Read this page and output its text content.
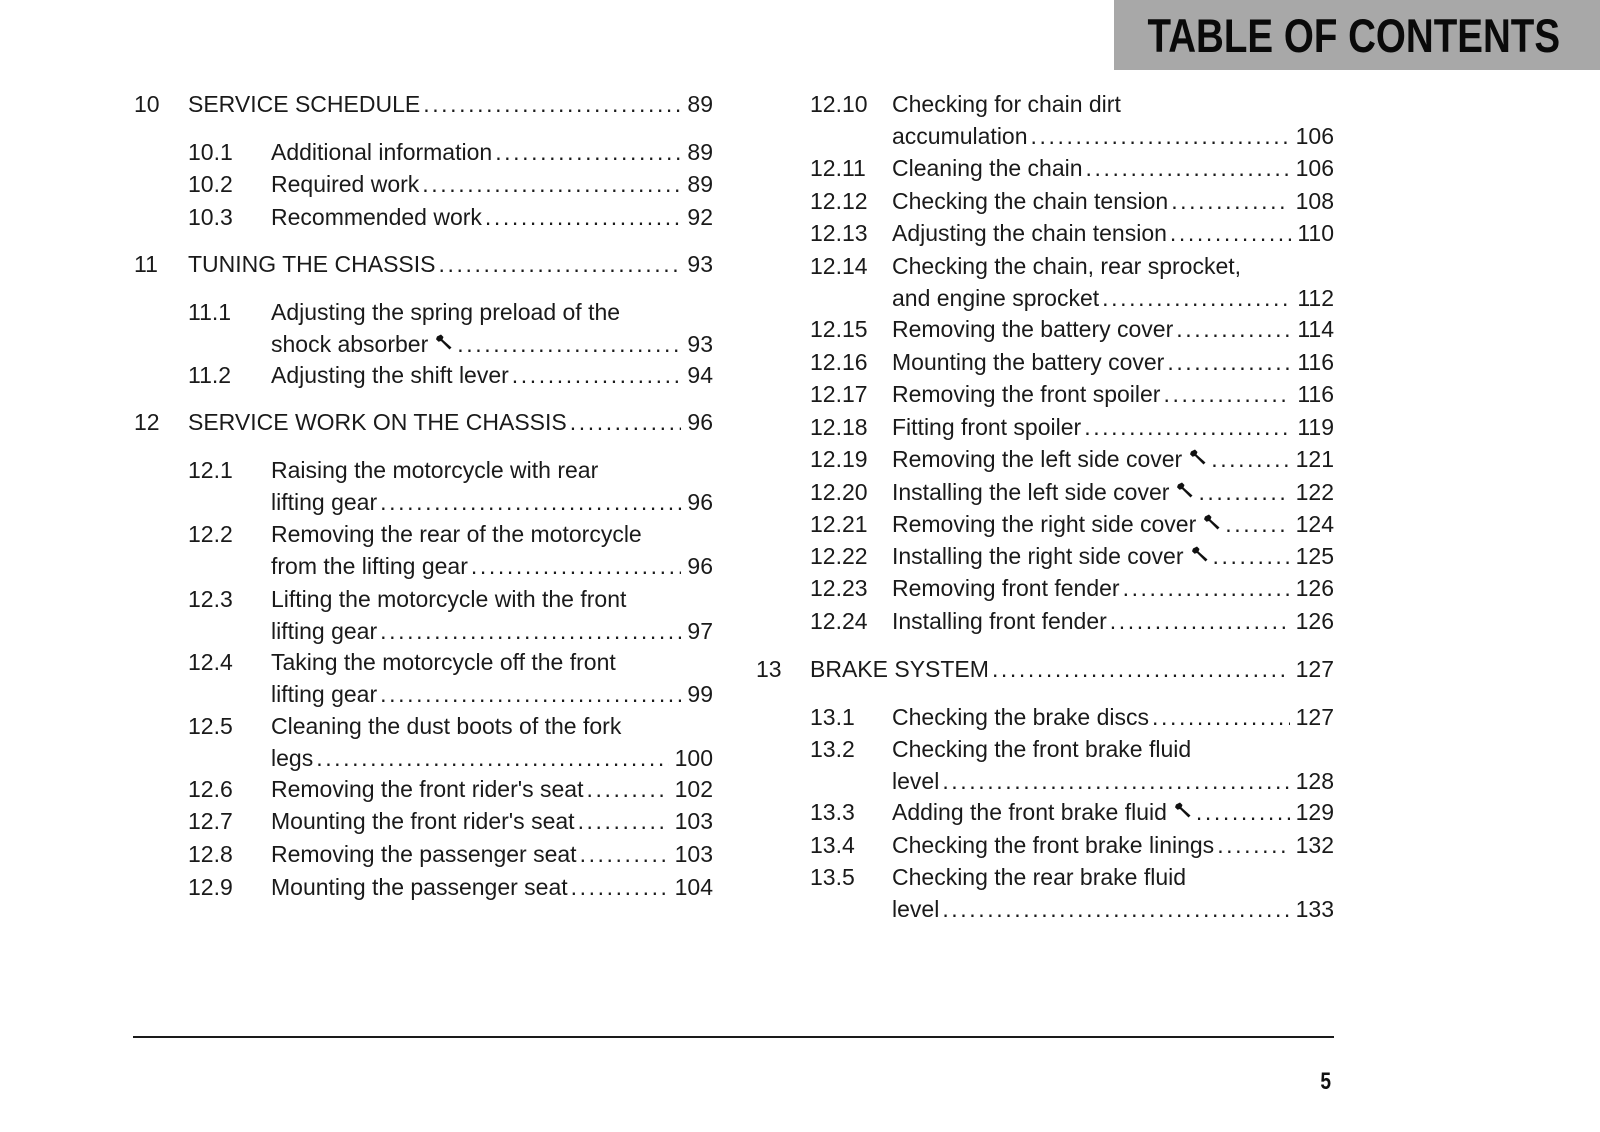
TABLE OF CONTENTS
10 SERVICE SCHEDULE .....	89
10.1 Additional information .....	89
10.2 Required work .....	89
10.3 Recommended work .....	92
11 TUNING THE CHASSIS .....	93
11.1 Adjusting the spring preload of the
shock absorber .....	93
11.2 Adjusting the shift lever .....	94
12 SERVICE WORK ON THE CHASSIS .....	96
12.1 Raising the motorcycle with rear
lifting gear .....	96
12.2 Removing the rear of the motorcycle
from the lifting gear .....	96
12.3 Lifting the motorcycle with the front
lifting gear .....	97
12.4 Taking the motorcycle off the front
lifting gear .....	99
12.5 Cleaning the dust boots of the fork
legs .....	100
12.6 Removing the front rider's seat .....	102
12.7 Mounting the front rider's seat .....	103
12.8 Removing the passenger seat .....	103
12.9 Mounting the passenger seat .....	104
12.10 Checking for chain dirt
accumulation .....	106
12.11 Cleaning the chain .....	106
12.12 Checking the chain tension .....	108
12.13 Adjusting the chain tension .....	110
12.14 Checking the chain, rear sprocket,
and engine sprocket .....	112
12.15 Removing the battery cover .....	114
12.16 Mounting the battery cover .....	116
12.17 Removing the front spoiler .....	116
12.18 Fitting front spoiler .....	119
12.19 Removing the left side cover .....	121
12.20 Installing the left side cover .....	122
12.21 Removing the right side cover .....	124
12.22 Installing the right side cover .....	125
12.23 Removing front fender .....	126
12.24 Installing front fender .....	126
13 BRAKE SYSTEM .....	127
13.1 Checking the brake discs .....	127
13.2 Checking the front brake fluid
level .....	128
13.3 Adding the front brake fluid .....	129
13.4 Checking the front brake linings .....	132
13.5 Checking the rear brake fluid
level .....	133
5
